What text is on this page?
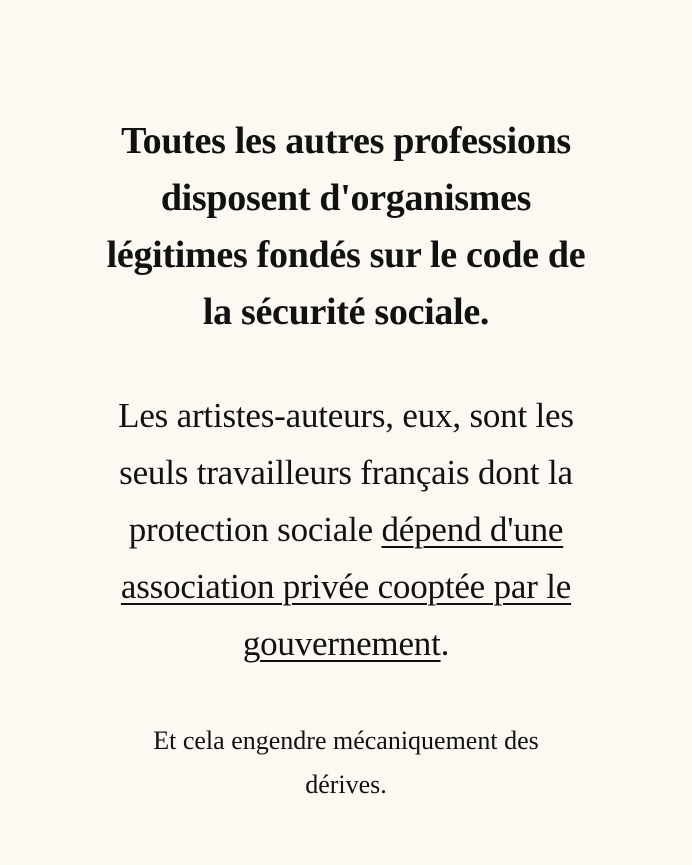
Toutes les autres professions
disposent d'organismes
légitimes fondés sur le code de
la sécurité sociale.

Les artistes-auteurs, eux, sont les
seuls travailleurs français dont la
protection sociale dépend d'une
association privée cooptée par le
gouvernement.

Et cela engendre mécaniquement des
dérives.
